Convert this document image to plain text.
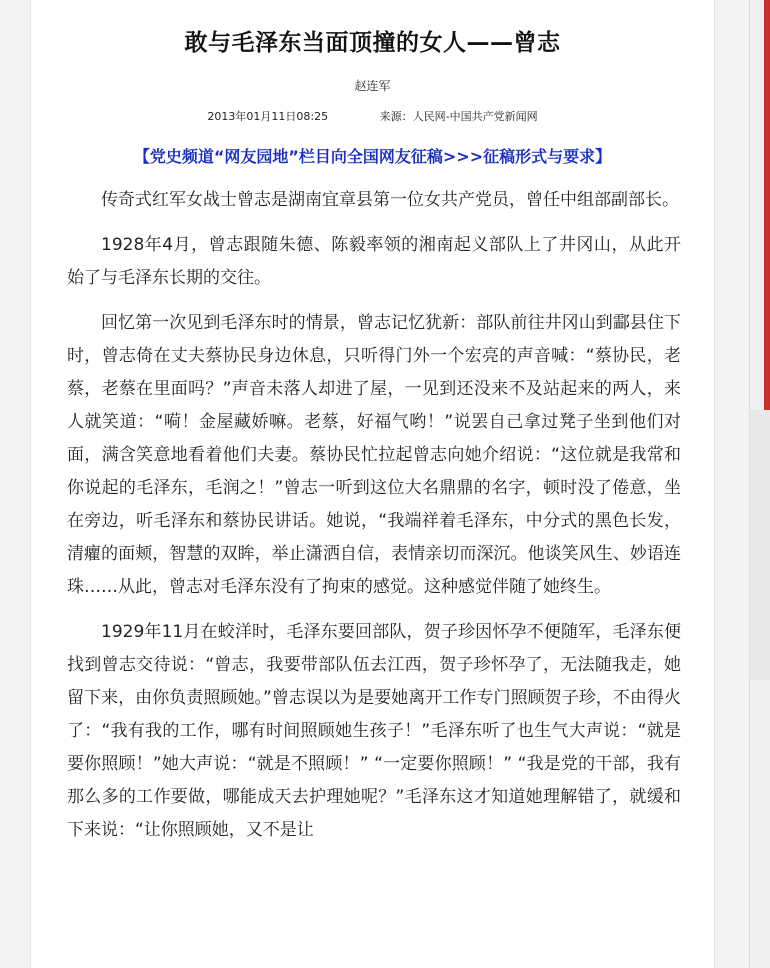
敢与毛泽东当面顶撞的女人——曾志
赵连军
2013年01月11日08:25	来源：人民网-中国共产党新闻网
【党史频道“网友园地”栏目向全国网友征稿>>>征稿形式与要求】

传奇式红军女战士曾志是湖南宜章县第一位女共产党员，曾任中组部副部长。

1928年4月，曾志跟随朱德、陈毅率领的湘南起义部队上了井冈山，从此开始了与毛泽东长期的交往。

回忆第一次见到毛泽东时的情景，曾志记忆犹新：部队前往井冈山到酃县住下时，曾志倚在丈夫蔡协民身边休息，只听得门外一个宏亮的声音喊：“蔡协民，老蔡，老蔡在里面吗？”声音未落人却进了屋，一见到还没来不及站起来的两人，来人就笑道：“嗬！金屋藏娇嘛。老蔡，好福气哟！”说罢自己拿过凳子坐到他们对面，满含笑意地看着他们夫妻。蔡协民忙拉起曾志向她介绍说：“这位就是我常和你说起的毛泽东，毛润之！”曾志一听到这位大名鼎鼎的名字，顿时没了倦意，坐在旁边，听毛泽东和蔡协民讲话。她说，“我端祥着毛泽东，中分式的黑色长发，清癯的面颊，智慧的双眸，举止潇洒自信，表情亲切而深沉。他谈笑风生、妙语连珠……从此，曾志对毛泽东没有了拘束的感觉。这种感觉伴随了她终生。

1929年11月在蛟洋时，毛泽东要回部队，贺子珍因怀孕不便随军，毛泽东便找到曾志交待说：“曾志，我要带部队伍去江西，贺子珍怀孕了，无法随我走，她留下来，由你负责照顾她。”曾志误以为是要她离开工作专门照顾贺子珍，不由得火了：“我有我的工作，哪有时间照顾她生孩子！”毛泽东听了也生气大声说：“就是要你照顾！”她大声说：“就是不照顾！” “一定要你照顾！” “我是党的干部，我有那么多的工作要做，哪能成天去护理她呢？”毛泽东这才知道她理解错了，就缓和下来说：“让你照顾她，又不是让
